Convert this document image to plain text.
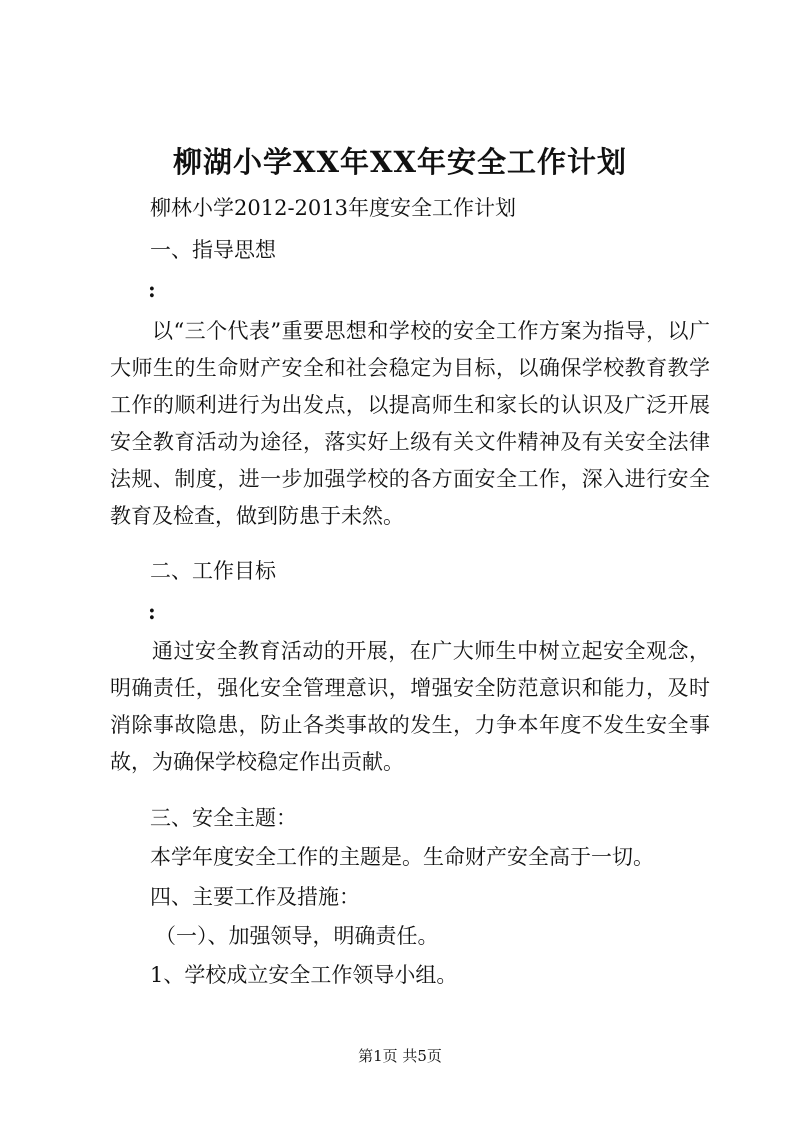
柳湖小学XX年XX年安全工作计划
柳林小学2012-2013年度安全工作计划
一、指导思想
:
以“三个代表”重要思想和学校的安全工作方案为指导，以广大师生的生命财产安全和社会稳定为目标，以确保学校教育教学工作的顺利进行为出发点，以提高师生和家长的认识及广泛开展安全教育活动为途径，落实好上级有关文件精神及有关安全法律法规、制度，进一步加强学校的各方面安全工作，深入进行安全教育及检查，做到防患于未然。
二、工作目标
:
通过安全教育活动的开展，在广大师生中树立起安全观念，明确责任，强化安全管理意识，增强安全防范意识和能力，及时消除事故隐患，防止各类事故的发生，力争本年度不发生安全事故，为确保学校稳定作出贡献。
三、安全主题：
本学年度安全工作的主题是。生命财产安全高于一切。
四、主要工作及措施：
（一）、加强领导，明确责任。
1、学校成立安全工作领导小组。
第1页 共5页
